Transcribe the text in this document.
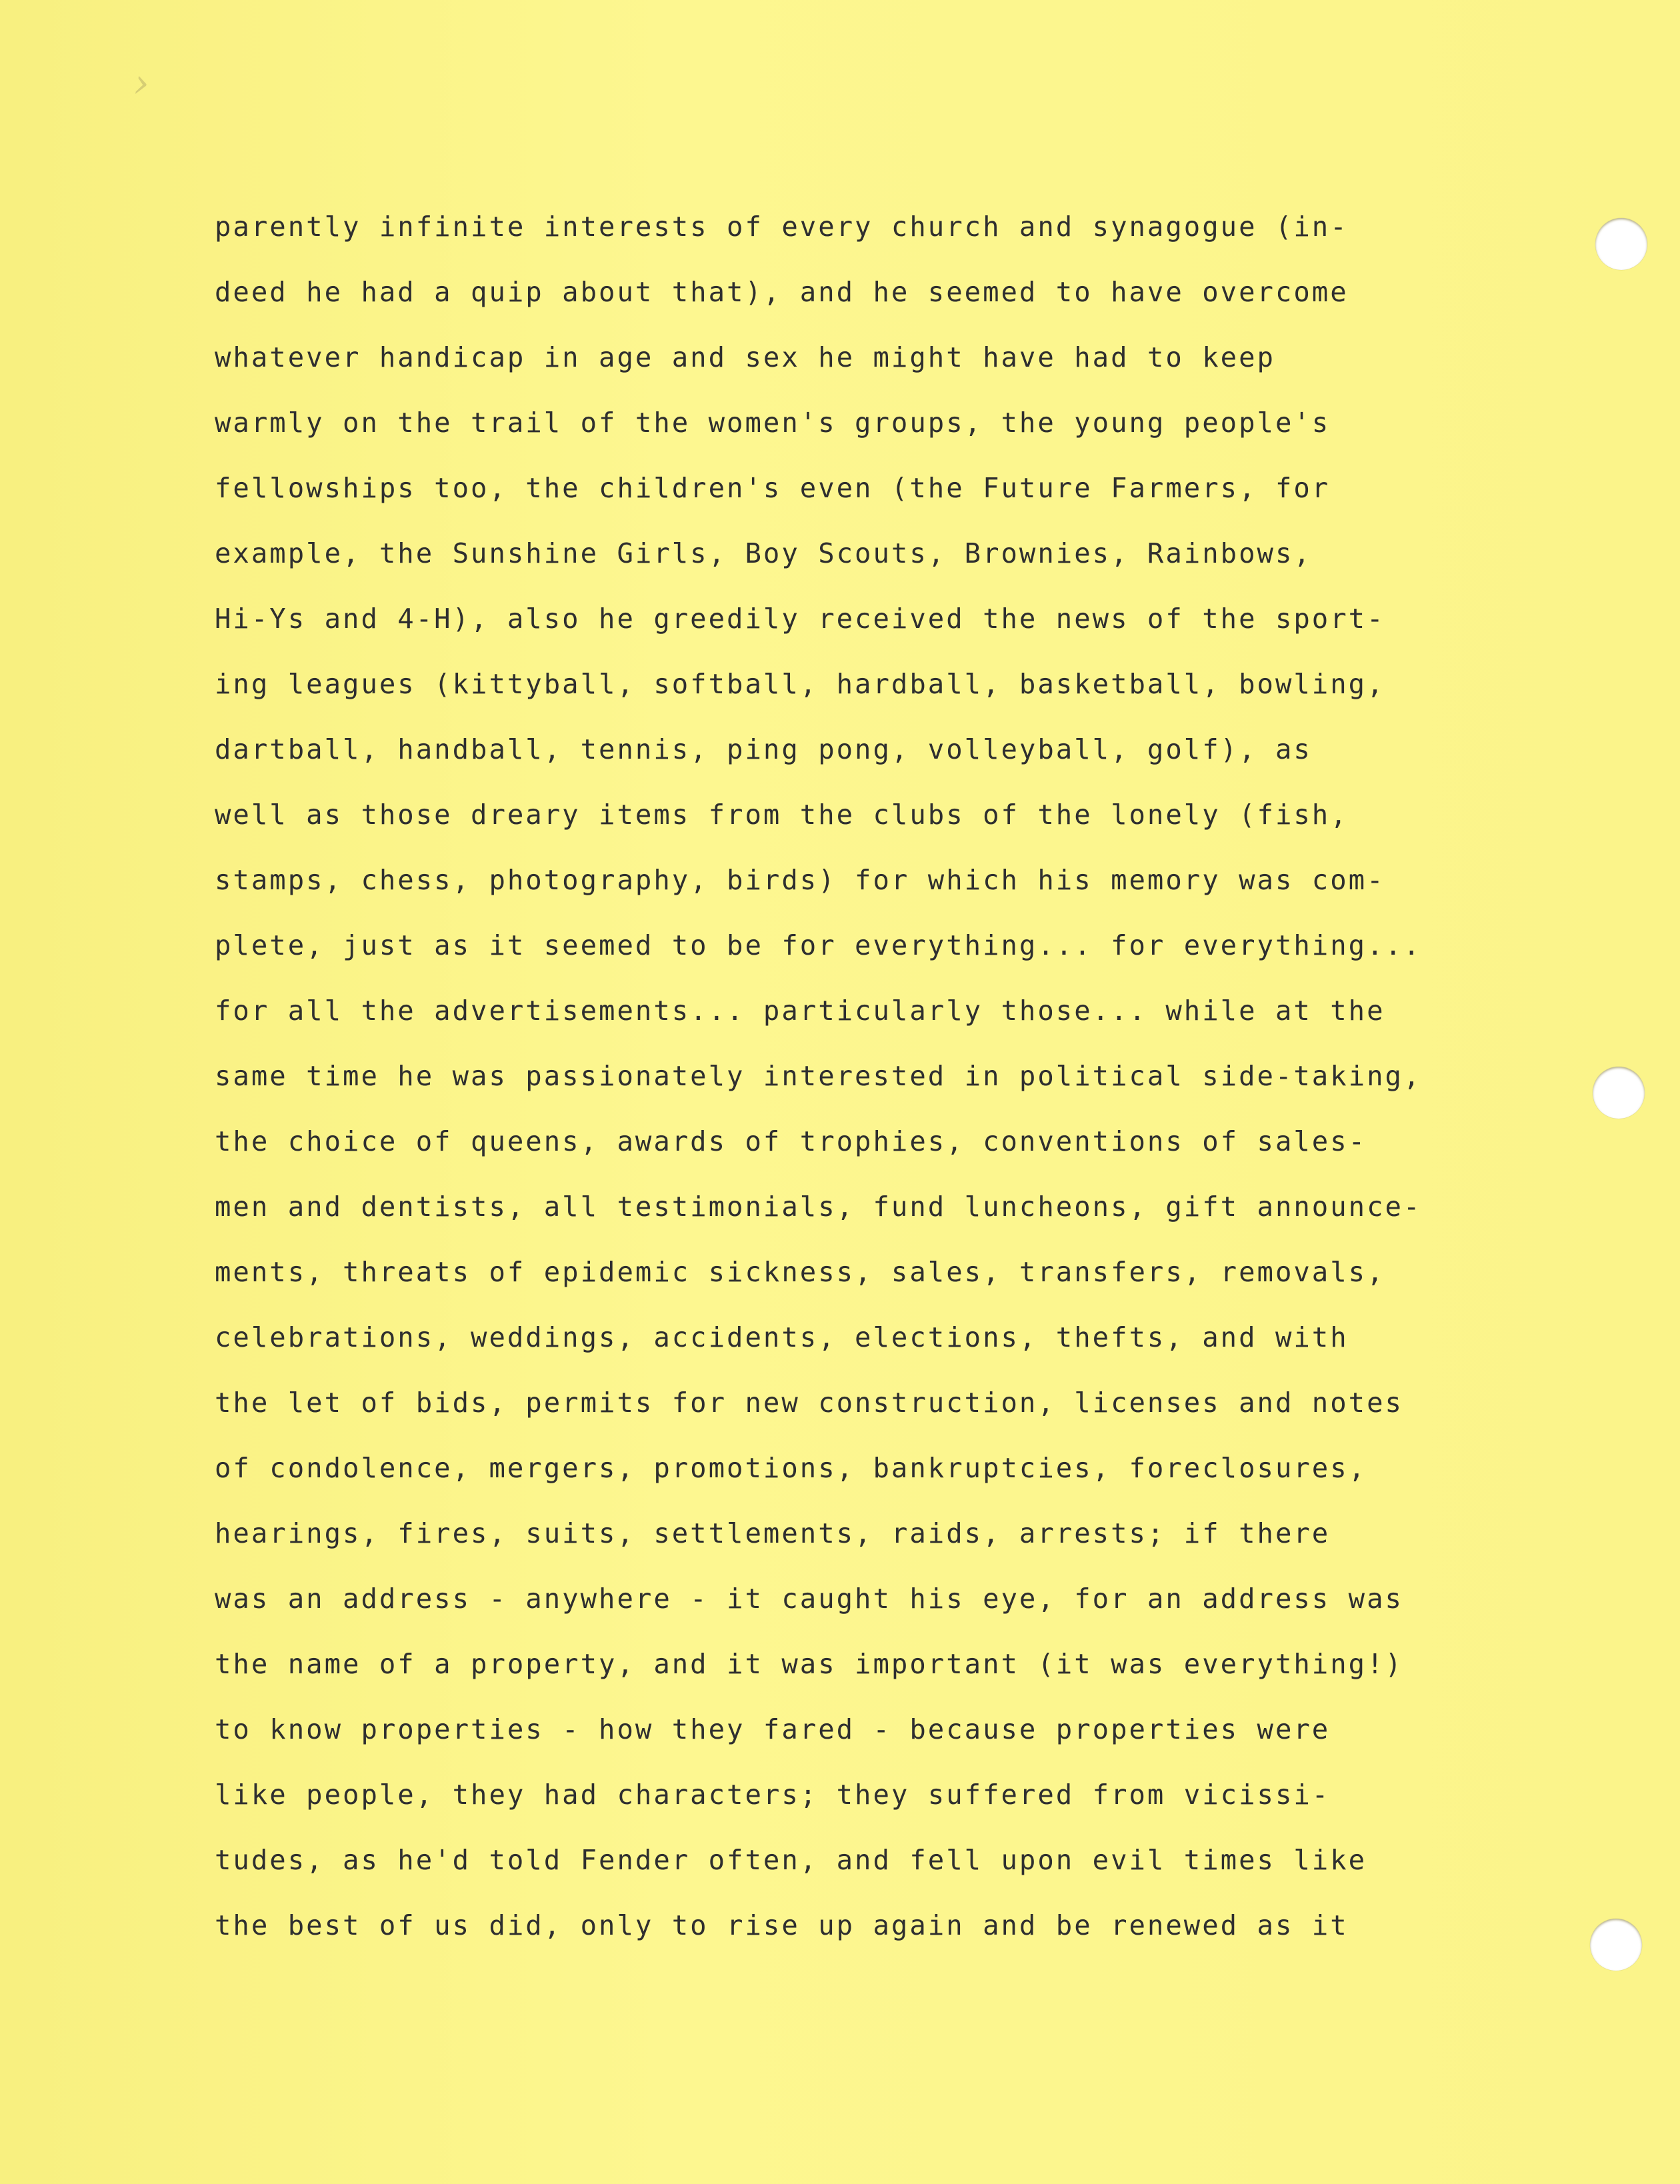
›
parently infinite interests of every church and synagogue (in-
deed he had a quip about that), and he seemed to have overcome
whatever handicap in age and sex he might have had to keep
warmly on the trail of the women's groups, the young people's
fellowships too, the children's even (the Future Farmers, for
example, the Sunshine Girls, Boy Scouts, Brownies, Rainbows,
Hi-Ys and 4-H), also he greedily received the news of the sport-
ing leagues (kittyball, softball, hardball, basketball, bowling,
dartball, handball, tennis, ping pong, volleyball, golf), as
well as those dreary items from the clubs of the lonely (fish,
stamps, chess, photography, birds) for which his memory was com-
plete, just as it seemed to be for everything... for everything...
for all the advertisements... particularly those... while at the
same time he was passionately interested in political side-taking,
the choice of queens, awards of trophies, conventions of sales-
men and dentists, all testimonials, fund luncheons, gift announce-
ments, threats of epidemic sickness, sales, transfers, removals,
celebrations, weddings, accidents, elections, thefts, and with
the let of bids, permits for new construction, licenses and notes
of condolence, mergers, promotions, bankruptcies, foreclosures,
hearings, fires, suits, settlements, raids, arrests; if there
was an address - anywhere - it caught his eye, for an address was
the name of a property, and it was important (it was everything!)
to know properties - how they fared - because properties were
like people, they had characters; they suffered from vicissi-
tudes, as he'd told Fender often, and fell upon evil times like
the best of us did, only to rise up again and be renewed as it
